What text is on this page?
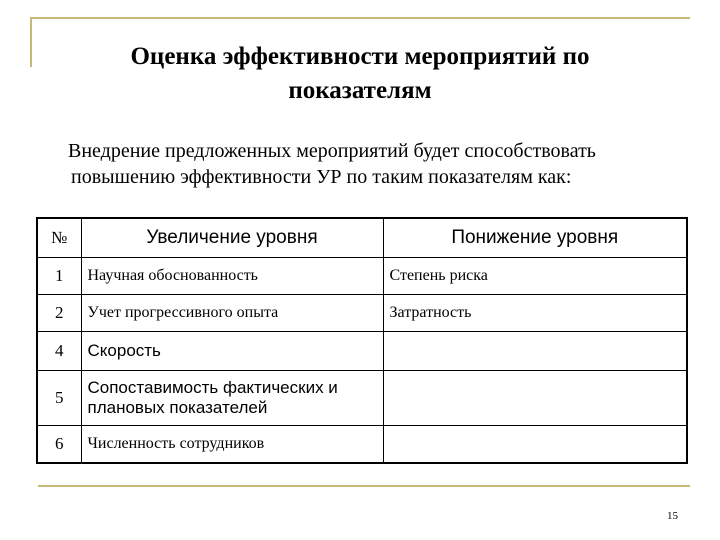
Оценка эффективности мероприятий по
показателям
Внедрение предложенных мероприятий будет способствовать
повышению эффективности УР по таким показателям как:
№	Увеличение уровня	Понижение уровня
1	Научная обоснованность	Степень риска
2	Учет прогрессивного опыта	Затратность
4	Скорость	
5	Сопоставимость фактических и плановых показателей	
6	Численность сотрудников	
15
